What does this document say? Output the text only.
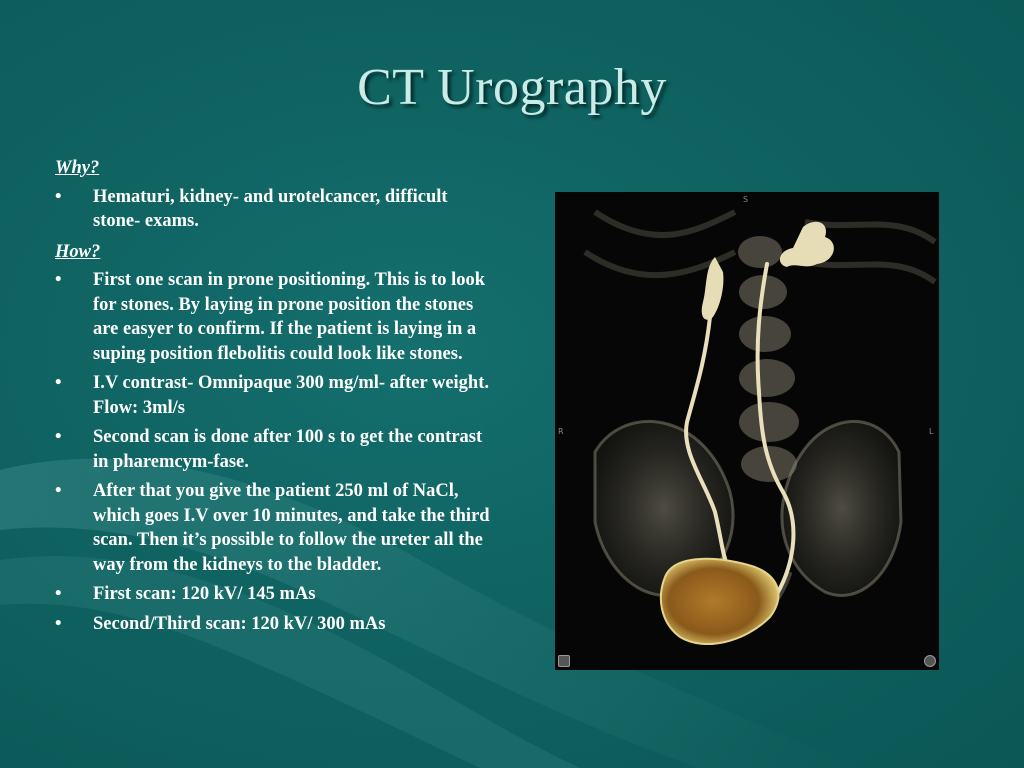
CT Urography
Why?
•	Hematuri, kidney- and urotelcancer, difficult stone- exams.
How?
•	First one scan in prone positioning. This is to look for stones. By laying in prone position the stones are easyer to confirm. If the patient is laying in a suping position flebolitis could look like stones.
•	I.V contrast- Omnipaque 300 mg/ml- after weight. Flow: 3ml/s
•	Second scan is done after 100 s to get the contrast in pharemcym-fase.
•	After that you give the patient 250 ml of NaCl, which goes I.V over 10 minutes, and take the third scan. Then it’s possible to follow the ureter all the way from the kidneys to the bladder.
•	First scan: 120 kV/ 145 mAs
•	Second/Third scan: 120 kV/ 300 mAs
S
R	L
